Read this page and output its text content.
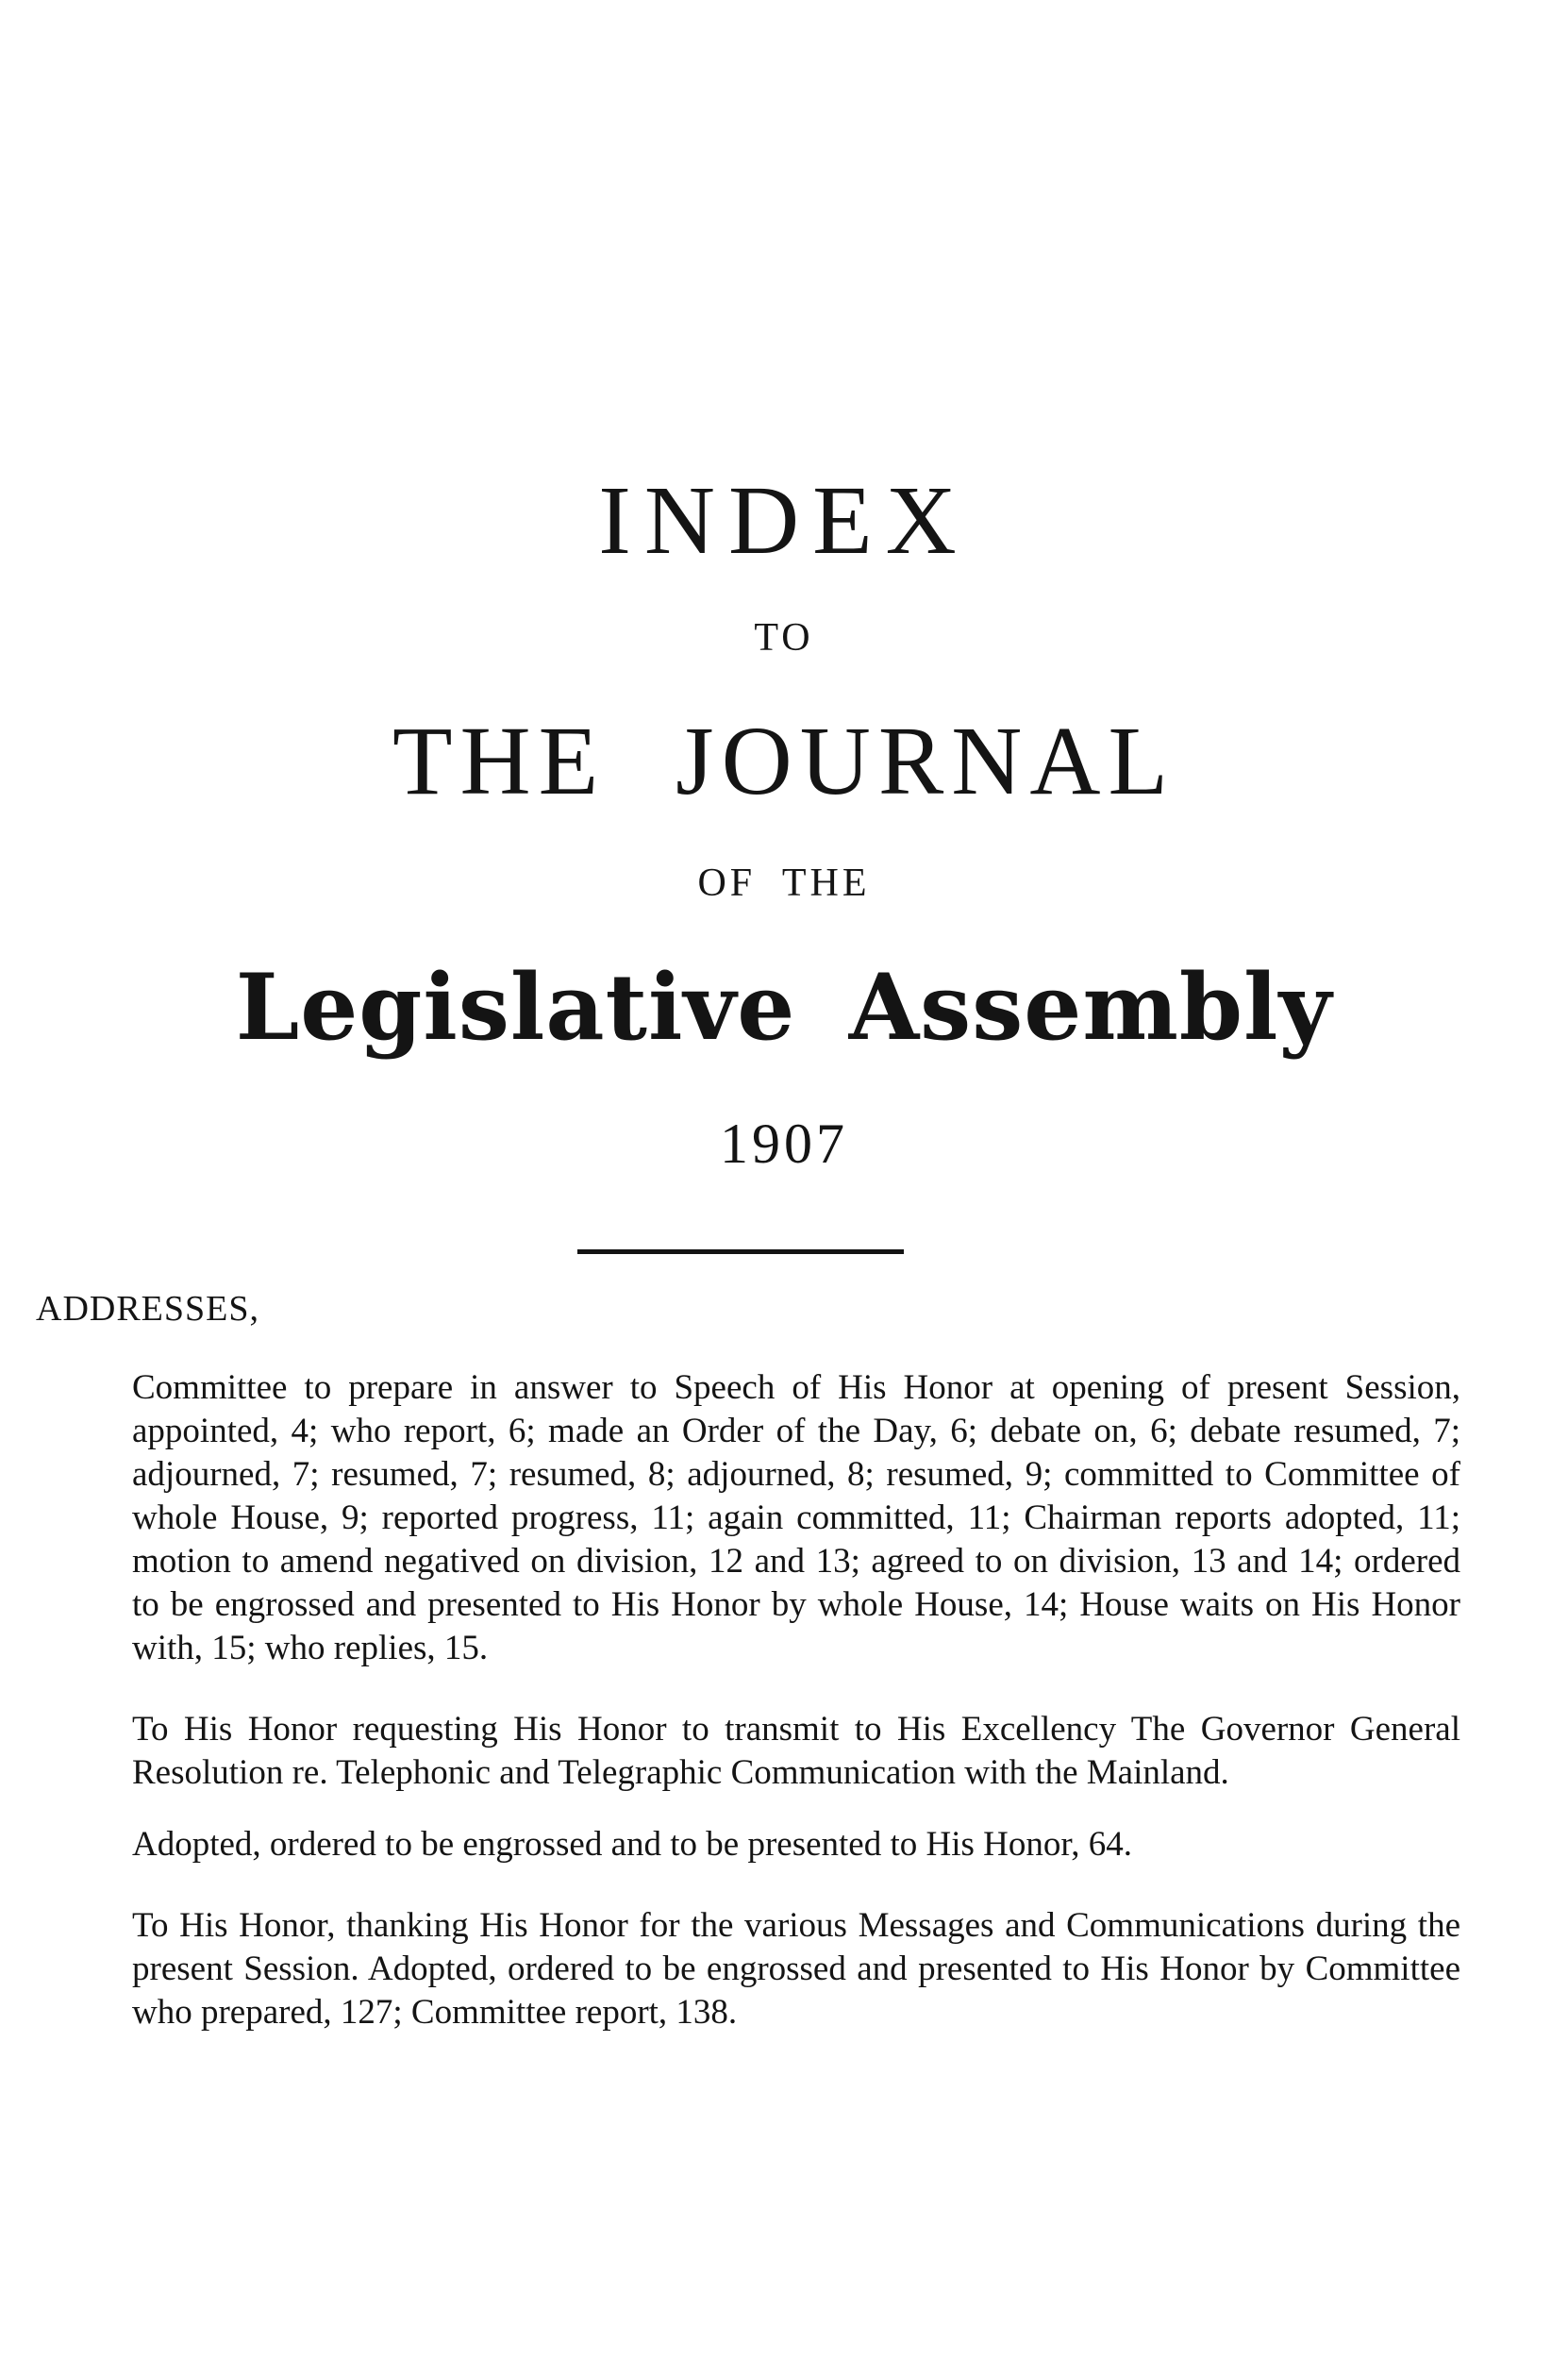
INDEX
TO
THE JOURNAL
OF THE
Legislative Assembly
1907
ADDRESSES,

Committee to prepare in answer to Speech of His Honor at opening of present Session, appointed, 4; who report, 6; made an Order of the Day, 6; debate on, 6; debate resumed, 7; adjourned, 7; resumed, 7; resumed, 8; adjourned, 8; resumed, 9; committed to Committee of whole House, 9; reported progress, 11; again committed, 11; Chairman reports adopted, 11; motion to amend negatived on division, 12 and 13; agreed to on division, 13 and 14; ordered to be engrossed and presented to His Honor by whole House, 14; House waits on His Honor with, 15; who replies, 15.

To His Honor requesting His Honor to transmit to His Excellency The Governor General Resolution re. Telephonic and Telegraphic Communication with the Mainland.

Adopted, ordered to be engrossed and to be presented to His Honor, 64.

To His Honor, thanking His Honor for the various Messages and Communications during the present Session. Adopted, ordered to be engrossed and presented to His Honor by Committee who prepared, 127; Committee report, 138.
